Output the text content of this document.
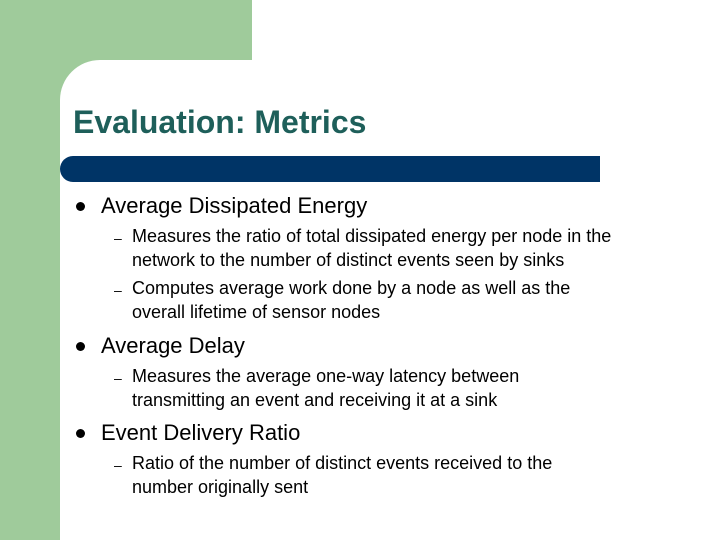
Evaluation: Metrics

Average Dissipated Energy

– Measures the ratio of total dissipated energy per node in the

network to the number of distinct events seen by sinks

– Computes average work done by a node as well as the

overall lifetime of sensor nodes

Average Delay

– Measures the average one-way latency between

transmitting an event and receiving it at a sink

Event Delivery Ratio

– Ratio of the number of distinct events received to the

number originally sent
